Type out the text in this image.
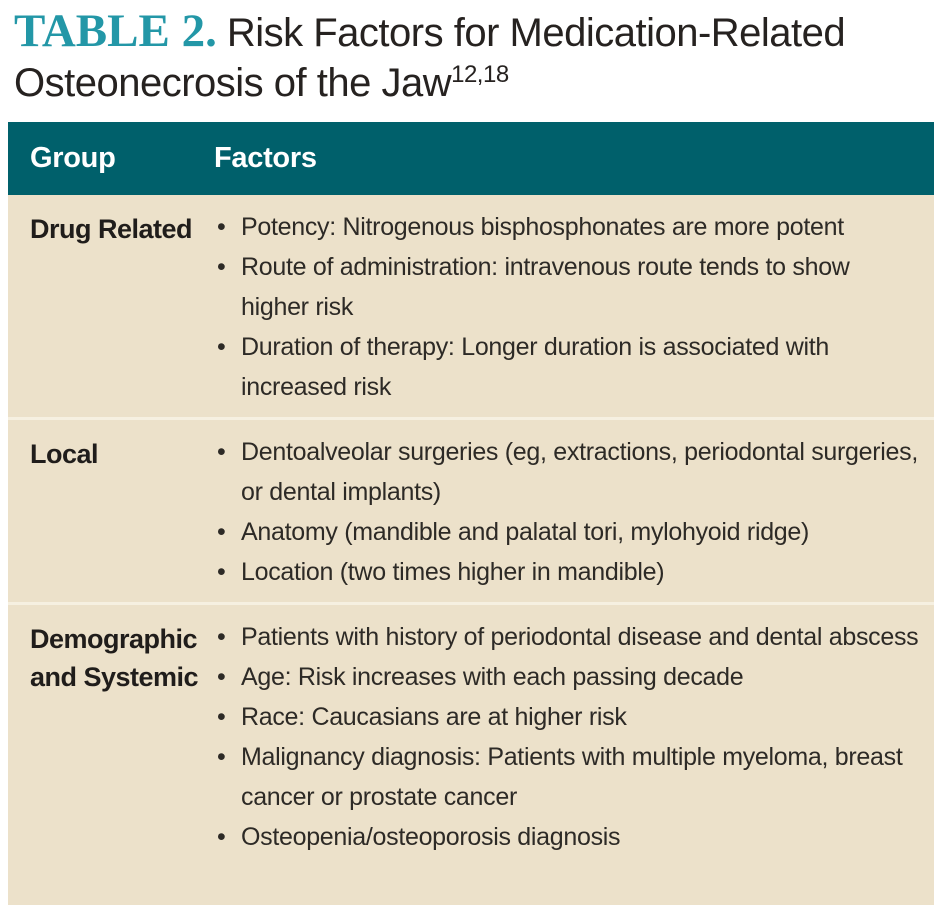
TABLE 2. Risk Factors for Medication-Related Osteonecrosis of the Jaw$^{12,18}$
Group	Factors
Drug Related • Potency: Nitrogenous bisphosphonates are more potent
• Route of administration: intravenous route tends to show higher risk
• Duration of therapy: Longer duration is associated with increased risk
Local	• Dentoalveolar surgeries (eg, extractions, periodontal surgeries, or dental implants)
• Anatomy (mandible and palatal tori, mylohyoid ridge)
• Location (two times higher in mandible)
Demographic and Systemic
• Patients with history of periodontal disease and dental abscess
• Age: Risk increases with each passing decade
• Race: Caucasians are at higher risk
• Malignancy diagnosis: Patients with multiple myeloma, breast cancer or prostate cancer
• Osteopenia/osteoporosis diagnosis
